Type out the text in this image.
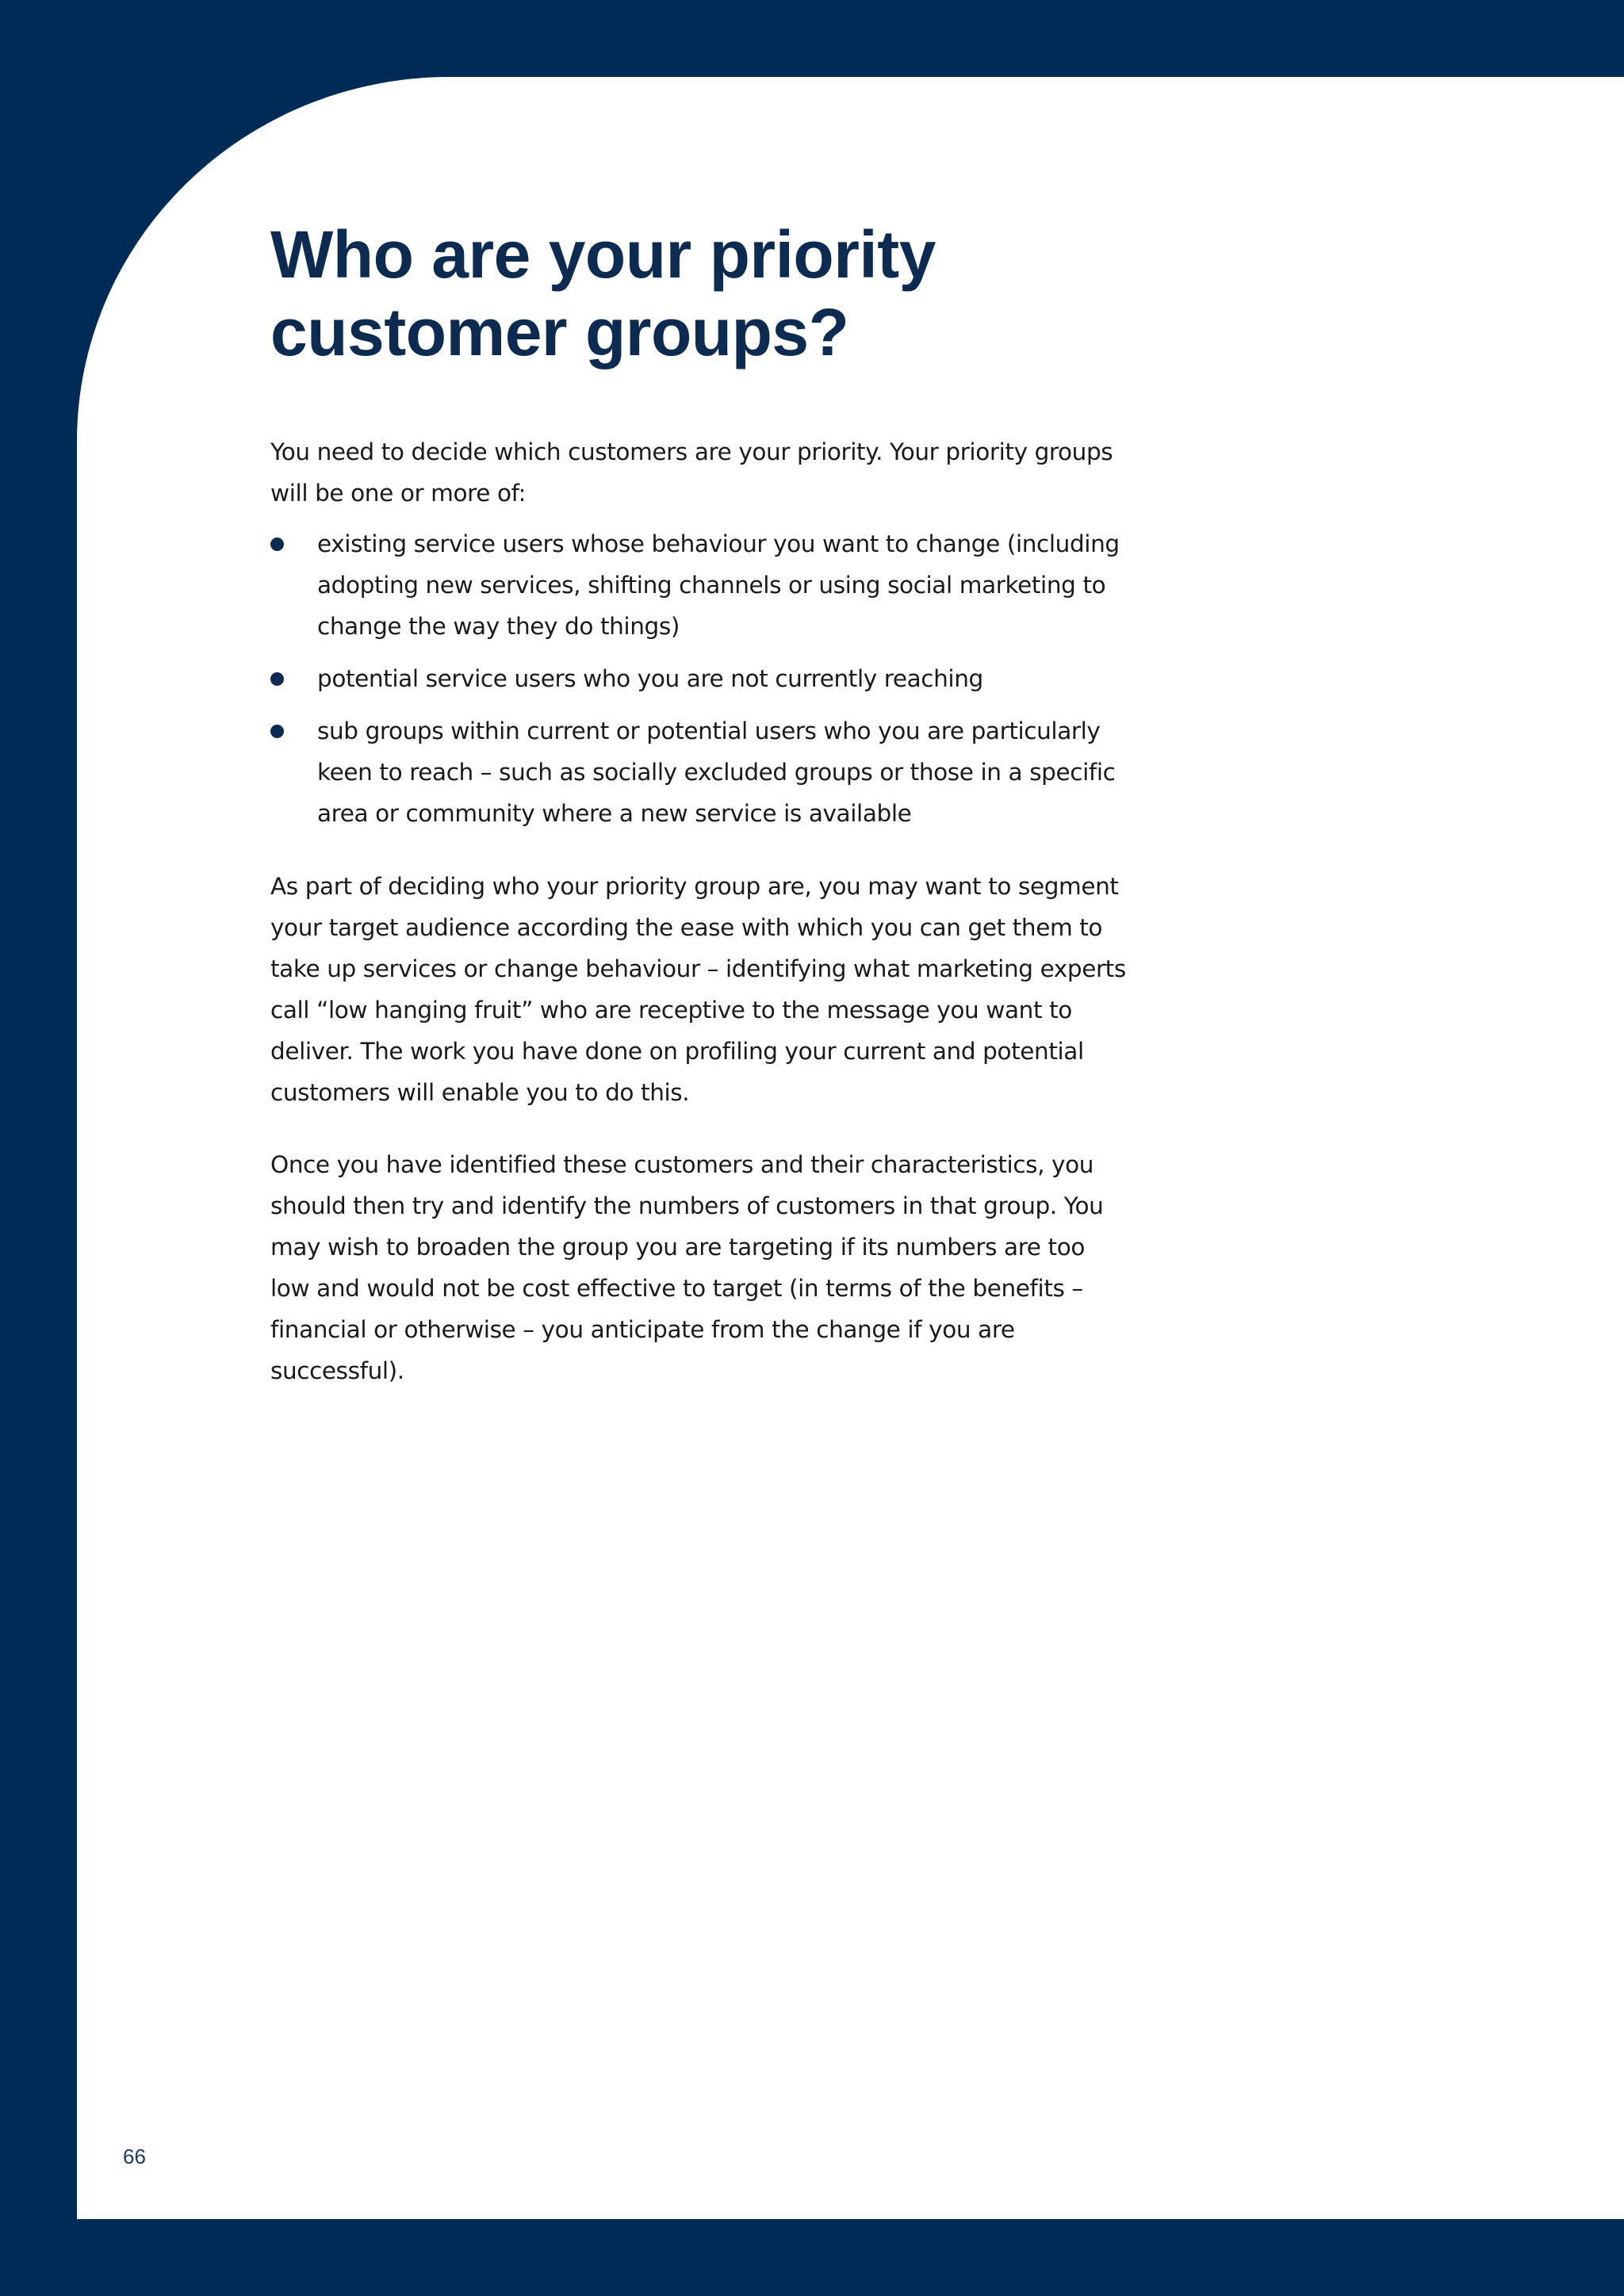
Who are your priority
customer groups?

You need to decide which customers are your priority. Your priority groups will be one or more of:

existing service users whose behaviour you want to change (including adopting new services, shifting channels or using social marketing to change the way they do things)
potential service users who you are not currently reaching
sub groups within current or potential users who you are particularly keen to reach – such as socially excluded groups or those in a specific area or community where a new service is available

As part of deciding who your priority group are, you may want to segment your target audience according the ease with which you can get them to take up services or change behaviour – identifying what marketing experts call “low hanging fruit” who are receptive to the message you want to deliver. The work you have done on profiling your current and potential customers will enable you to do this.

Once you have identified these customers and their characteristics, you should then try and identify the numbers of customers in that group. You may wish to broaden the group you are targeting if its numbers are too low and would not be cost effective to target (in terms of the benefits – financial or otherwise – you anticipate from the change if you are successful).

66
